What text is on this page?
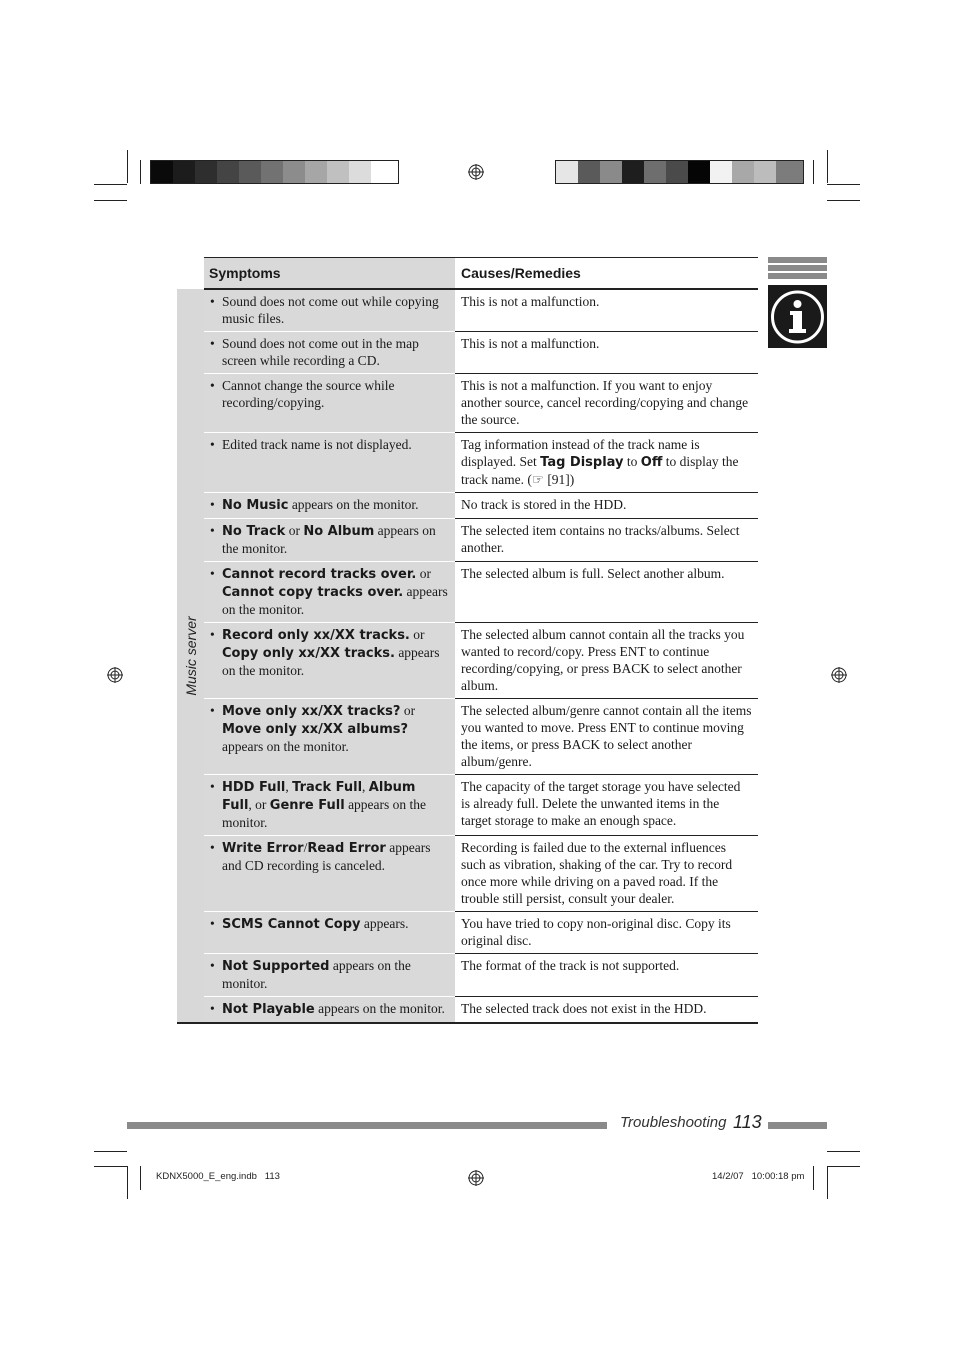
	Symptoms	Causes/Remedies

Music server	• Sound does not come out while copying music files.	This is not a malfunction.

	• Sound does not come out in the map screen while recording a CD.	This is not a malfunction.

	• Cannot change the source while recording/copying.	This is not a malfunction. If you want to enjoy another source, cancel recording/copying and change the source.

	• Edited track name is not displayed.	Tag information instead of the track name is displayed. Set Tag Display to Off to display the track name. (☞ [91])

	• No Music appears on the monitor.	No track is stored in the HDD.

	• No Track or No Album appears on the monitor.	The selected item contains no tracks/albums. Select another.

	• Cannot record tracks over. or Cannot copy tracks over. appears on the monitor.	The selected album is full. Select another album.

	• Record only xx/XX tracks. or Copy only xx/XX tracks. appears on the monitor.	The selected album cannot contain all the tracks you wanted to record/copy. Press ENT to continue recording/copying, or press BACK to select another album.

	• Move only xx/XX tracks? or Move only xx/XX albums? appears on the monitor.	The selected album/genre cannot contain all the items you wanted to move. Press ENT to continue moving the items, or press BACK to select another album/genre.

	• HDD Full, Track Full, Album Full, or Genre Full appears on the monitor.	The capacity of the target storage you have selected is already full. Delete the unwanted items in the target storage to make an enough space.

	• Write Error/Read Error appears and CD recording is canceled.	Recording is failed due to the external influences such as vibration, shaking of the car. Try to record once more while driving on a paved road. If the trouble still persist, consult your dealer.

	• SCMS Cannot Copy appears.	You have tried to copy non-original disc. Copy its original disc.

	• Not Supported appears on the monitor.	The format of the track is not supported.

	• Not Playable appears on the monitor.	The selected track does not exist in the HDD.
Troubleshooting 113
KDNX5000_E_eng.indb   113	14/2/07   10:00:18 pm
